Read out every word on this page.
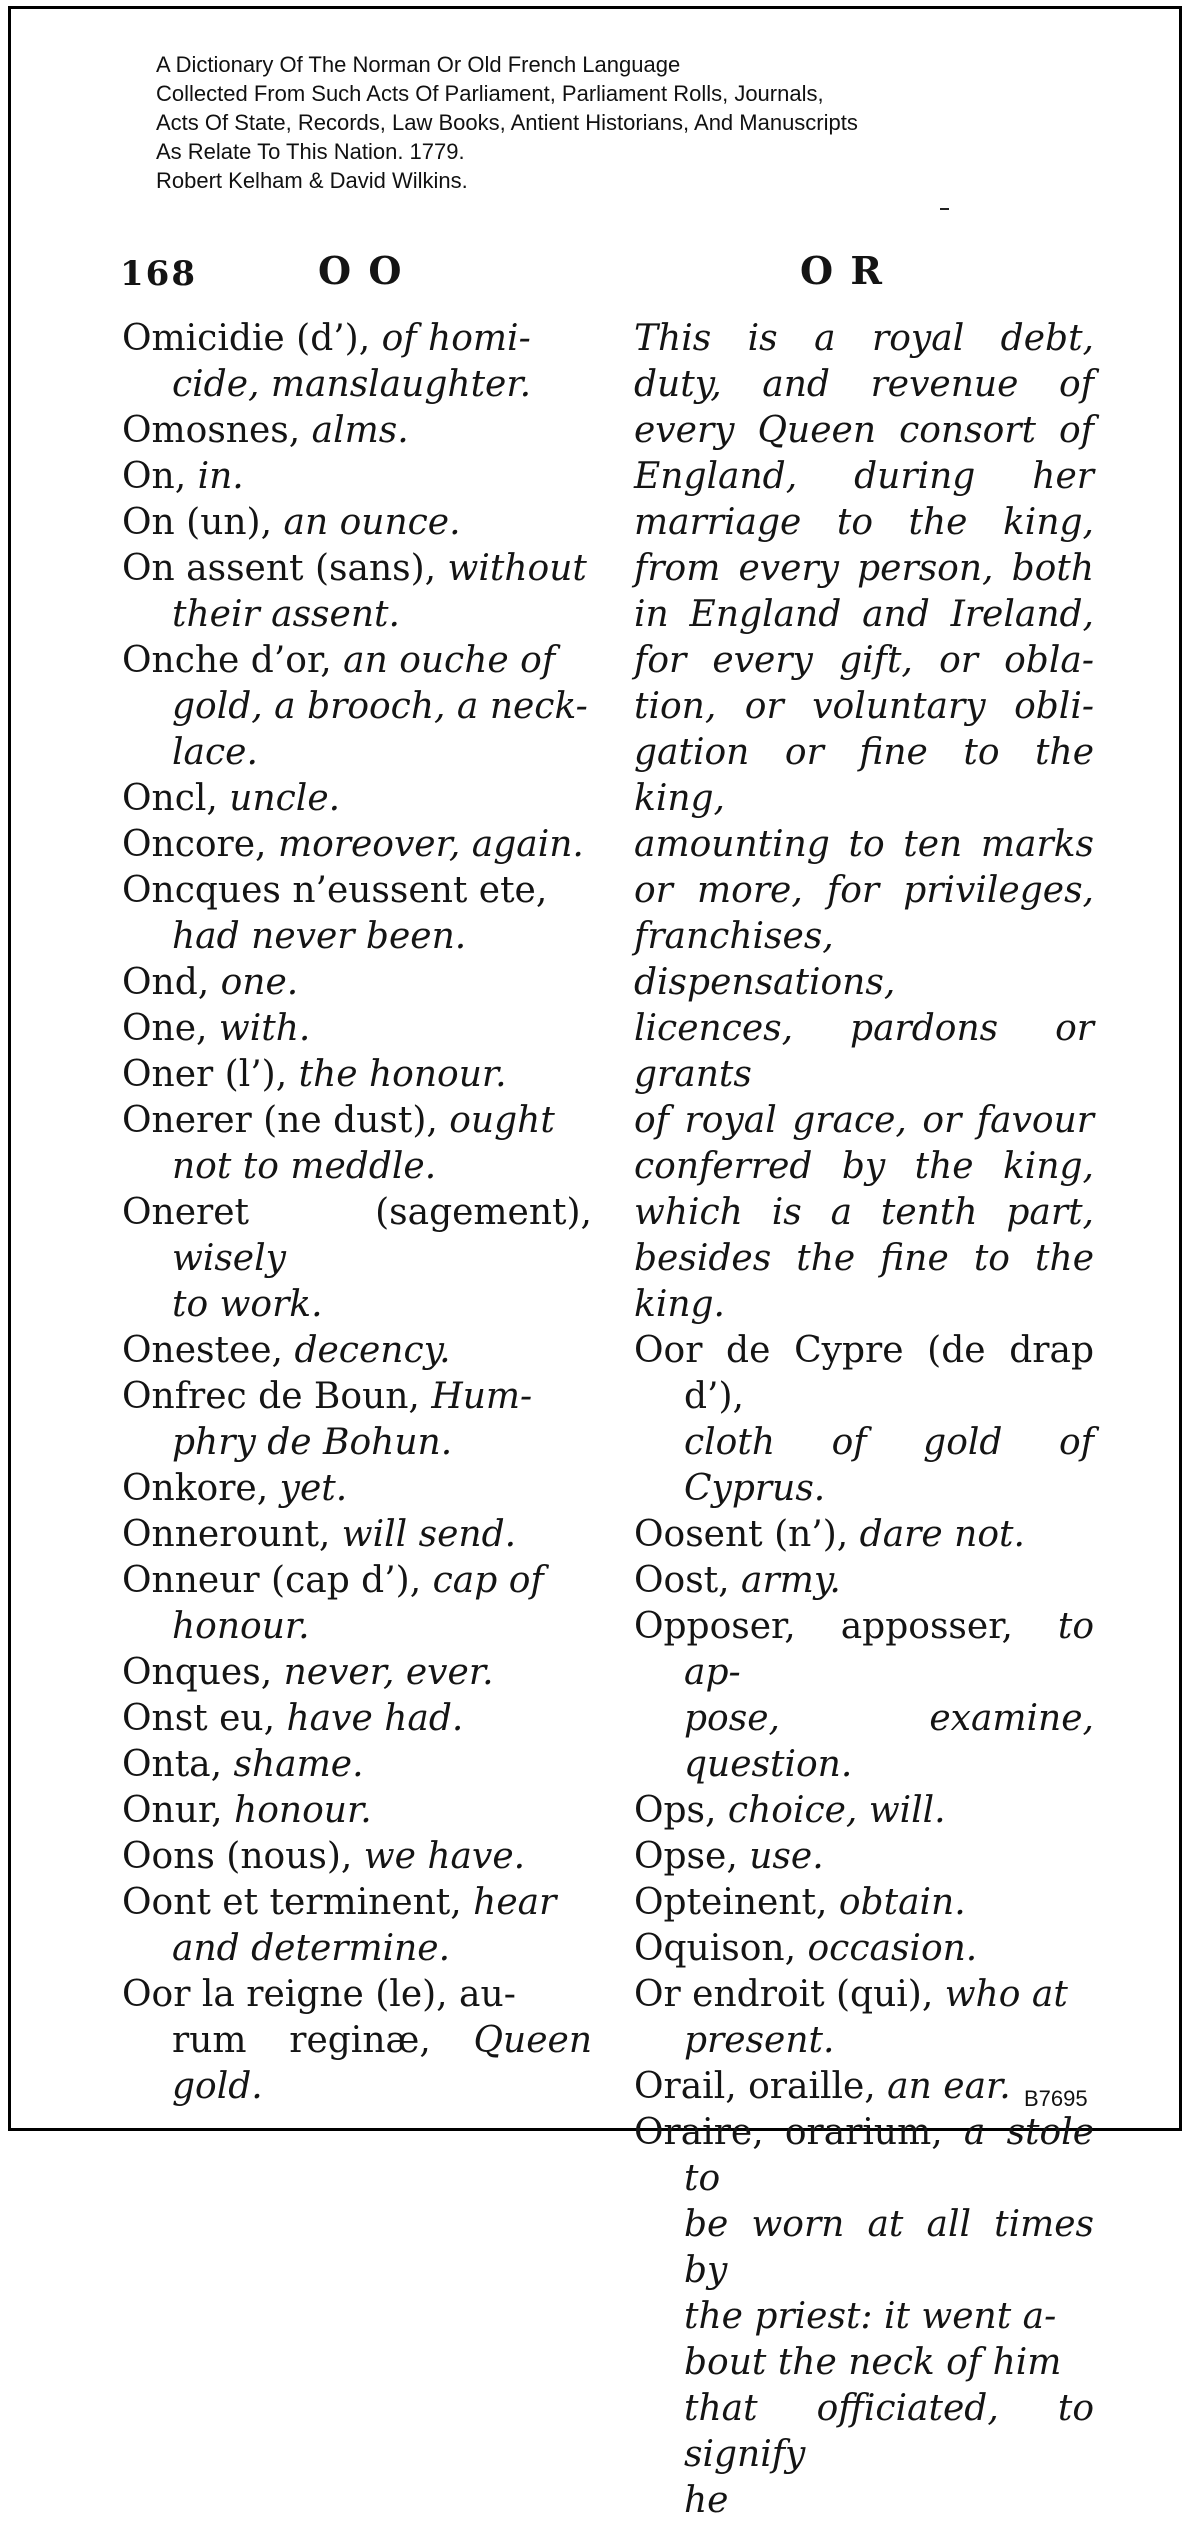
A Dictionary Of The Norman Or Old French Language
Collected From Such Acts Of Parliament, Parliament Rolls, Journals,
Acts Of State, Records, Law Books, Antient Historians, And Manuscripts
As Relate To This Nation. 1779.
Robert Kelham & David Wilkins.
168	O O	O R
Omicidie (d’), of homi-
cide, manslaughter.
Omosnes, alms.
On, in.
On (un), an ounce.
On assent (sans), without
their assent.
Onche d’or, an ouche of
gold, a brooch, a neck-
lace.
Oncl, uncle.
Oncore, moreover, again.
Oncques n’eussent ete,
had never been.
Ond, one.
One, with.
Oner (l’), the honour.
Onerer (ne dust), ought
not to meddle.
Oneret (sagement), wisely
to work.
Onestee, decency.
Onfrec de Boun, Hum-
phry de Bohun.
Onkore, yet.
Onnerount, will send.
Onneur (cap d’), cap of
honour.
Onques, never, ever.
Onst eu, have had.
Onta, shame.
Onur, honour.
Oons (nous), we have.
Oont et terminent, hear
and determine.
Oor la reigne (le), au-
rum reginæ, Queen gold.
This is a royal debt,
duty, and revenue of
every Queen consort of
England, during her
marriage to the king,
from every person, both
in England and Ireland,
for every gift, or obla-
tion, or voluntary obli-
gation or fine to the king,
amounting to ten marks
or more, for privileges,
franchises, dispensations,
licences, pardons or grants
of royal grace, or favour
conferred by the king,
which is a tenth part,
besides the fine to the
king.
Oor de Cypre (de drap d’),
cloth of gold of Cyprus.
Oosent (n’), dare not.
Oost, army.
Opposer, apposser, to ap-
pose, examine, question.
Ops, choice, will.
Opse, use.
Opteinent, obtain.
Oquison, occasion.
Or endroit (qui), who at
present.
Orail, oraille, an ear.
Oraire, orarium, a stole to
be worn at all times by
the priest: it went a-
bout the neck of him
that officiated, to signify
he
B7695
